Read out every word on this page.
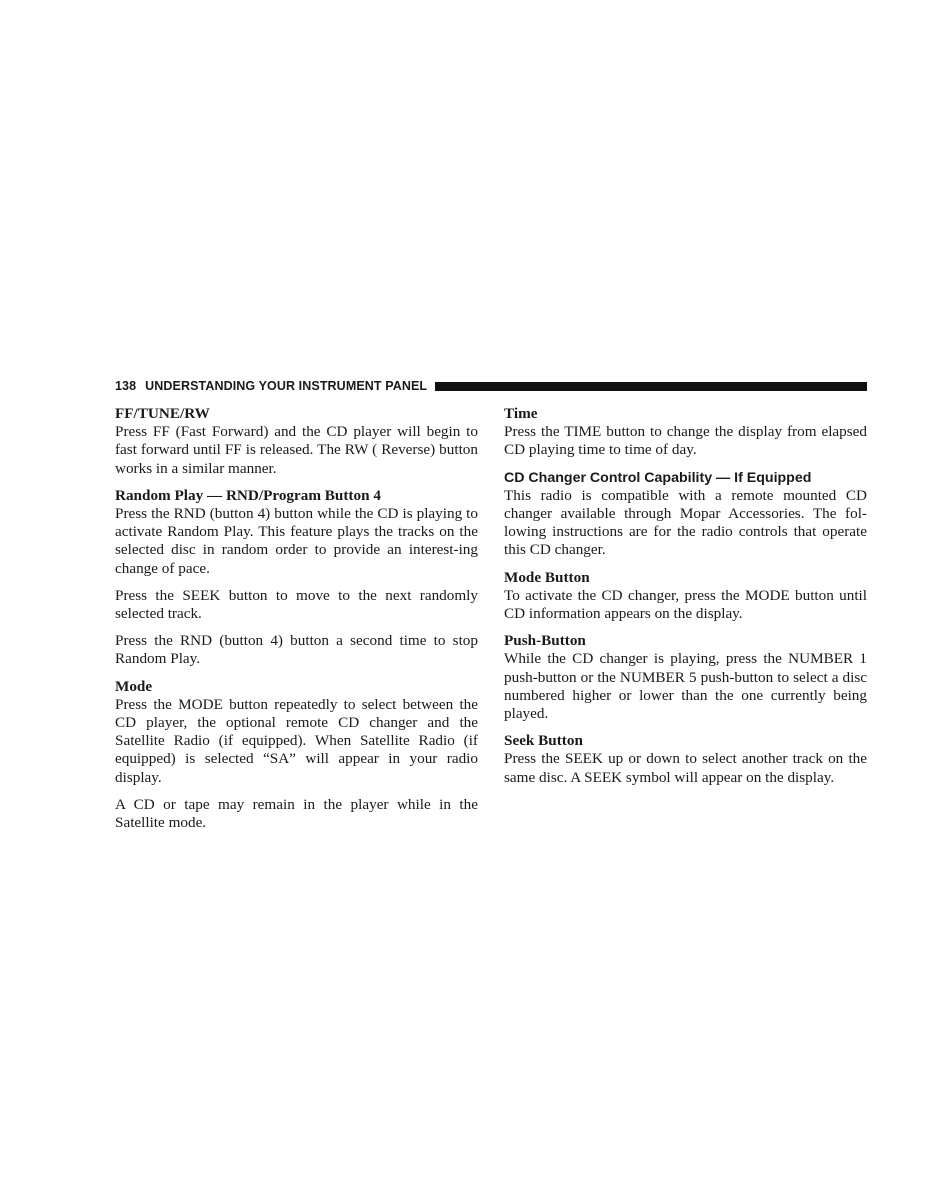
138 UNDERSTANDING YOUR INSTRUMENT PANEL

FF/TUNE/RW

Press FF (Fast Forward) and the CD player will begin to fast forward until FF is released. The RW ( Reverse) button works in a similar manner.

Random Play — RND/Program Button 4

Press the RND (button 4) button while the CD is playing to activate Random Play. This feature plays the tracks on the selected disc in random order to provide an interest-ing change of pace.

Press the SEEK button to move to the next randomly selected track.

Press the RND (button 4) button a second time to stop Random Play.

Mode

Press the MODE button repeatedly to select between the CD player, the optional remote CD changer and the Satellite Radio (if equipped). When Satellite Radio (if equipped) is selected “SA” will appear in your radio display.

A CD or tape may remain in the player while in the Satellite mode.

Time

Press the TIME button to change the display from elapsed CD playing time to time of day.

CD Changer Control Capability — If Equipped

This radio is compatible with a remote mounted CD changer available through Mopar Accessories. The fol-lowing instructions are for the radio controls that operate this CD changer.

Mode Button

To activate the CD changer, press the MODE button until CD information appears on the display.

Push-Button

While the CD changer is playing, press the NUMBER 1 push-button or the NUMBER 5 push-button to select a disc numbered higher or lower than the one currently being played.

Seek Button

Press the SEEK up or down to select another track on the same disc. A SEEK symbol will appear on the display.
